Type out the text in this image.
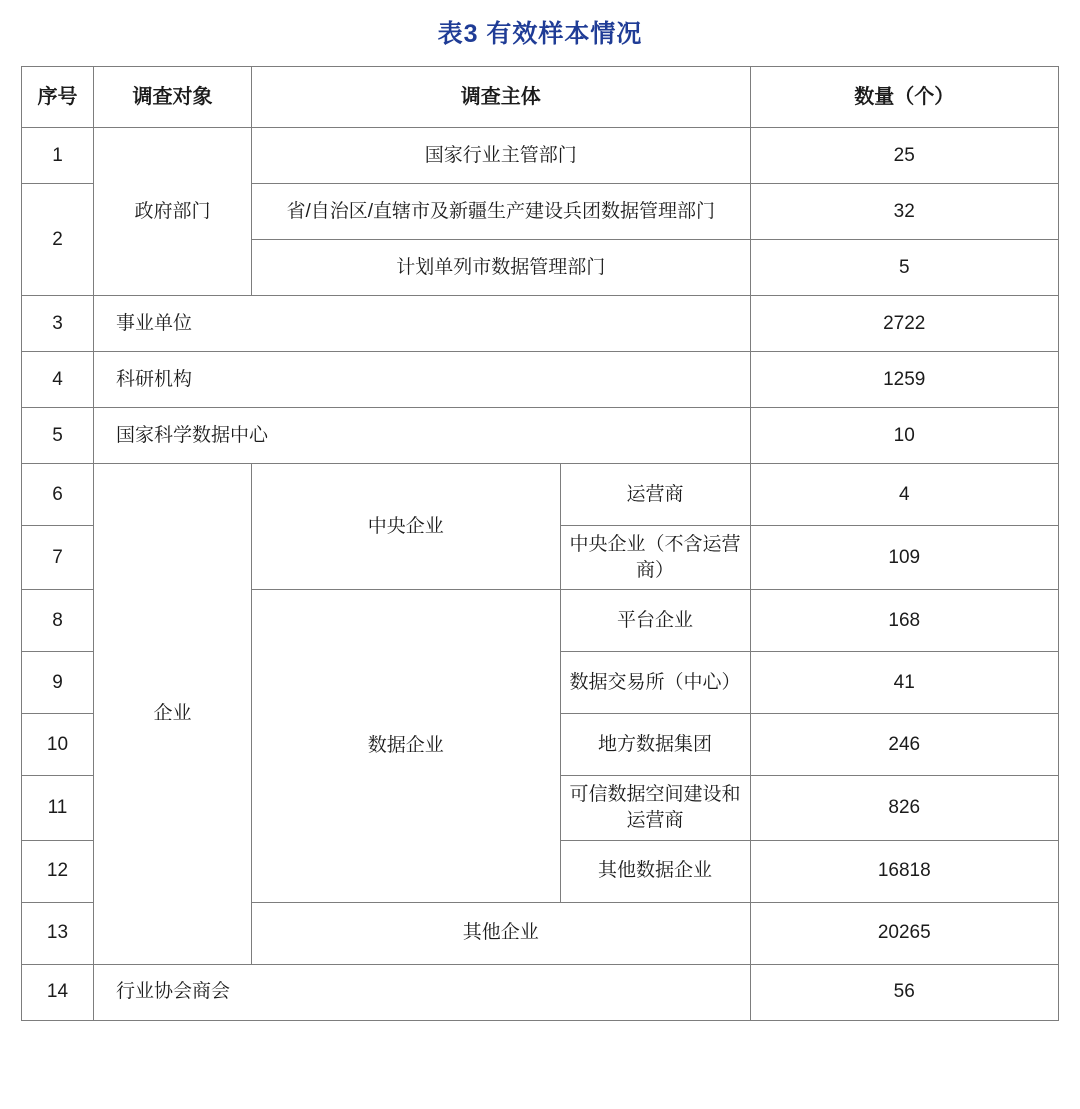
表3 有效样本情况
序号	调查对象	调查主体		数量（个）
1	政府部门	国家行业主管部门		25
2		省/自治区/直辖市及新疆生产建设兵团数据管理部门		32
		计划单列市数据管理部门		5
3	事业单位			2722
4	科研机构			1259
5	国家科学数据中心			10
6	企业	中央企业	运营商	4
7			中央企业（不含运营商）	109
8		数据企业	平台企业	168
9			数据交易所（中心）	41
10			地方数据集团	246
11			可信数据空间建设和运营商	826
12			其他数据企业	16818
13		其他企业		20265
14	行业协会商会			56
